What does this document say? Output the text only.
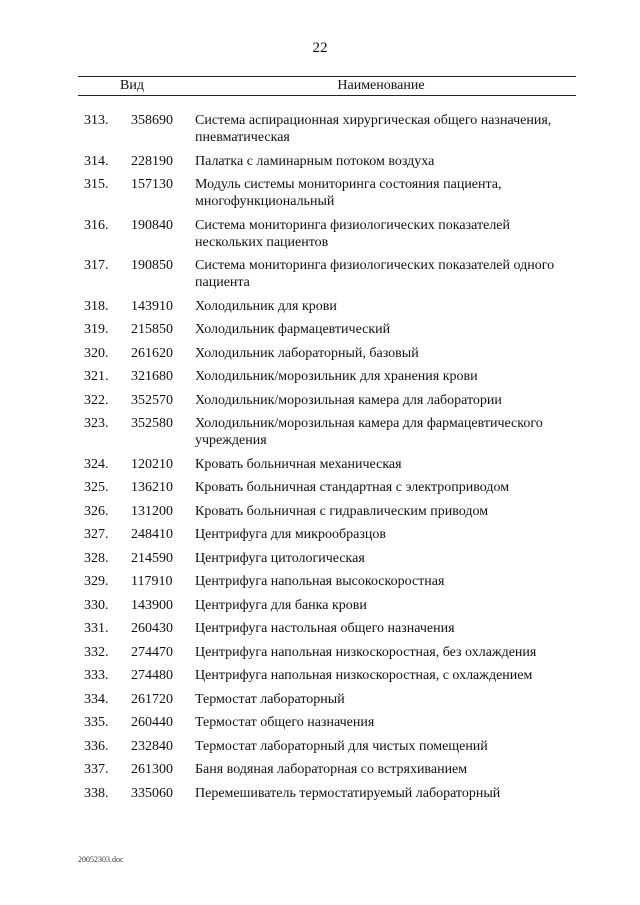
22
Вид	Наименование
313. 358690 Система аспирационная хирургическая общего назначения, пневматическая
314. 228190 Палатка с ламинарным потоком воздуха
315. 157130 Модуль системы мониторинга состояния пациента, многофункциональный
316. 190840 Система мониторинга физиологических показателей нескольких пациентов
317. 190850 Система мониторинга физиологических показателей одного пациента
318. 143910 Холодильник для крови
319. 215850 Холодильник фармацевтический
320. 261620 Холодильник лабораторный, базовый
321. 321680 Холодильник/морозильник для хранения крови
322. 352570 Холодильник/морозильная камера для лаборатории
323. 352580 Холодильник/морозильная камера для фармацевтического учреждения
324. 120210 Кровать больничная механическая
325. 136210 Кровать больничная стандартная с электроприводом
326. 131200 Кровать больничная с гидравлическим приводом
327. 248410 Центрифуга для микрообразцов
328. 214590 Центрифуга цитологическая
329. 117910 Центрифуга напольная высокоскоростная
330. 143900 Центрифуга для банка крови
331. 260430 Центрифуга настольная общего назначения
332. 274470 Центрифуга напольная низкоскоростная, без охлаждения
333. 274480 Центрифуга напольная низкоскоростная, с охлаждением
334. 261720 Термостат лабораторный
335. 260440 Термостат общего назначения
336. 232840 Термостат лабораторный для чистых помещений
337. 261300 Баня водяная лабораторная со встряхиванием
338. 335060 Перемешиватель термостатируемый лабораторный
20052303.doc
